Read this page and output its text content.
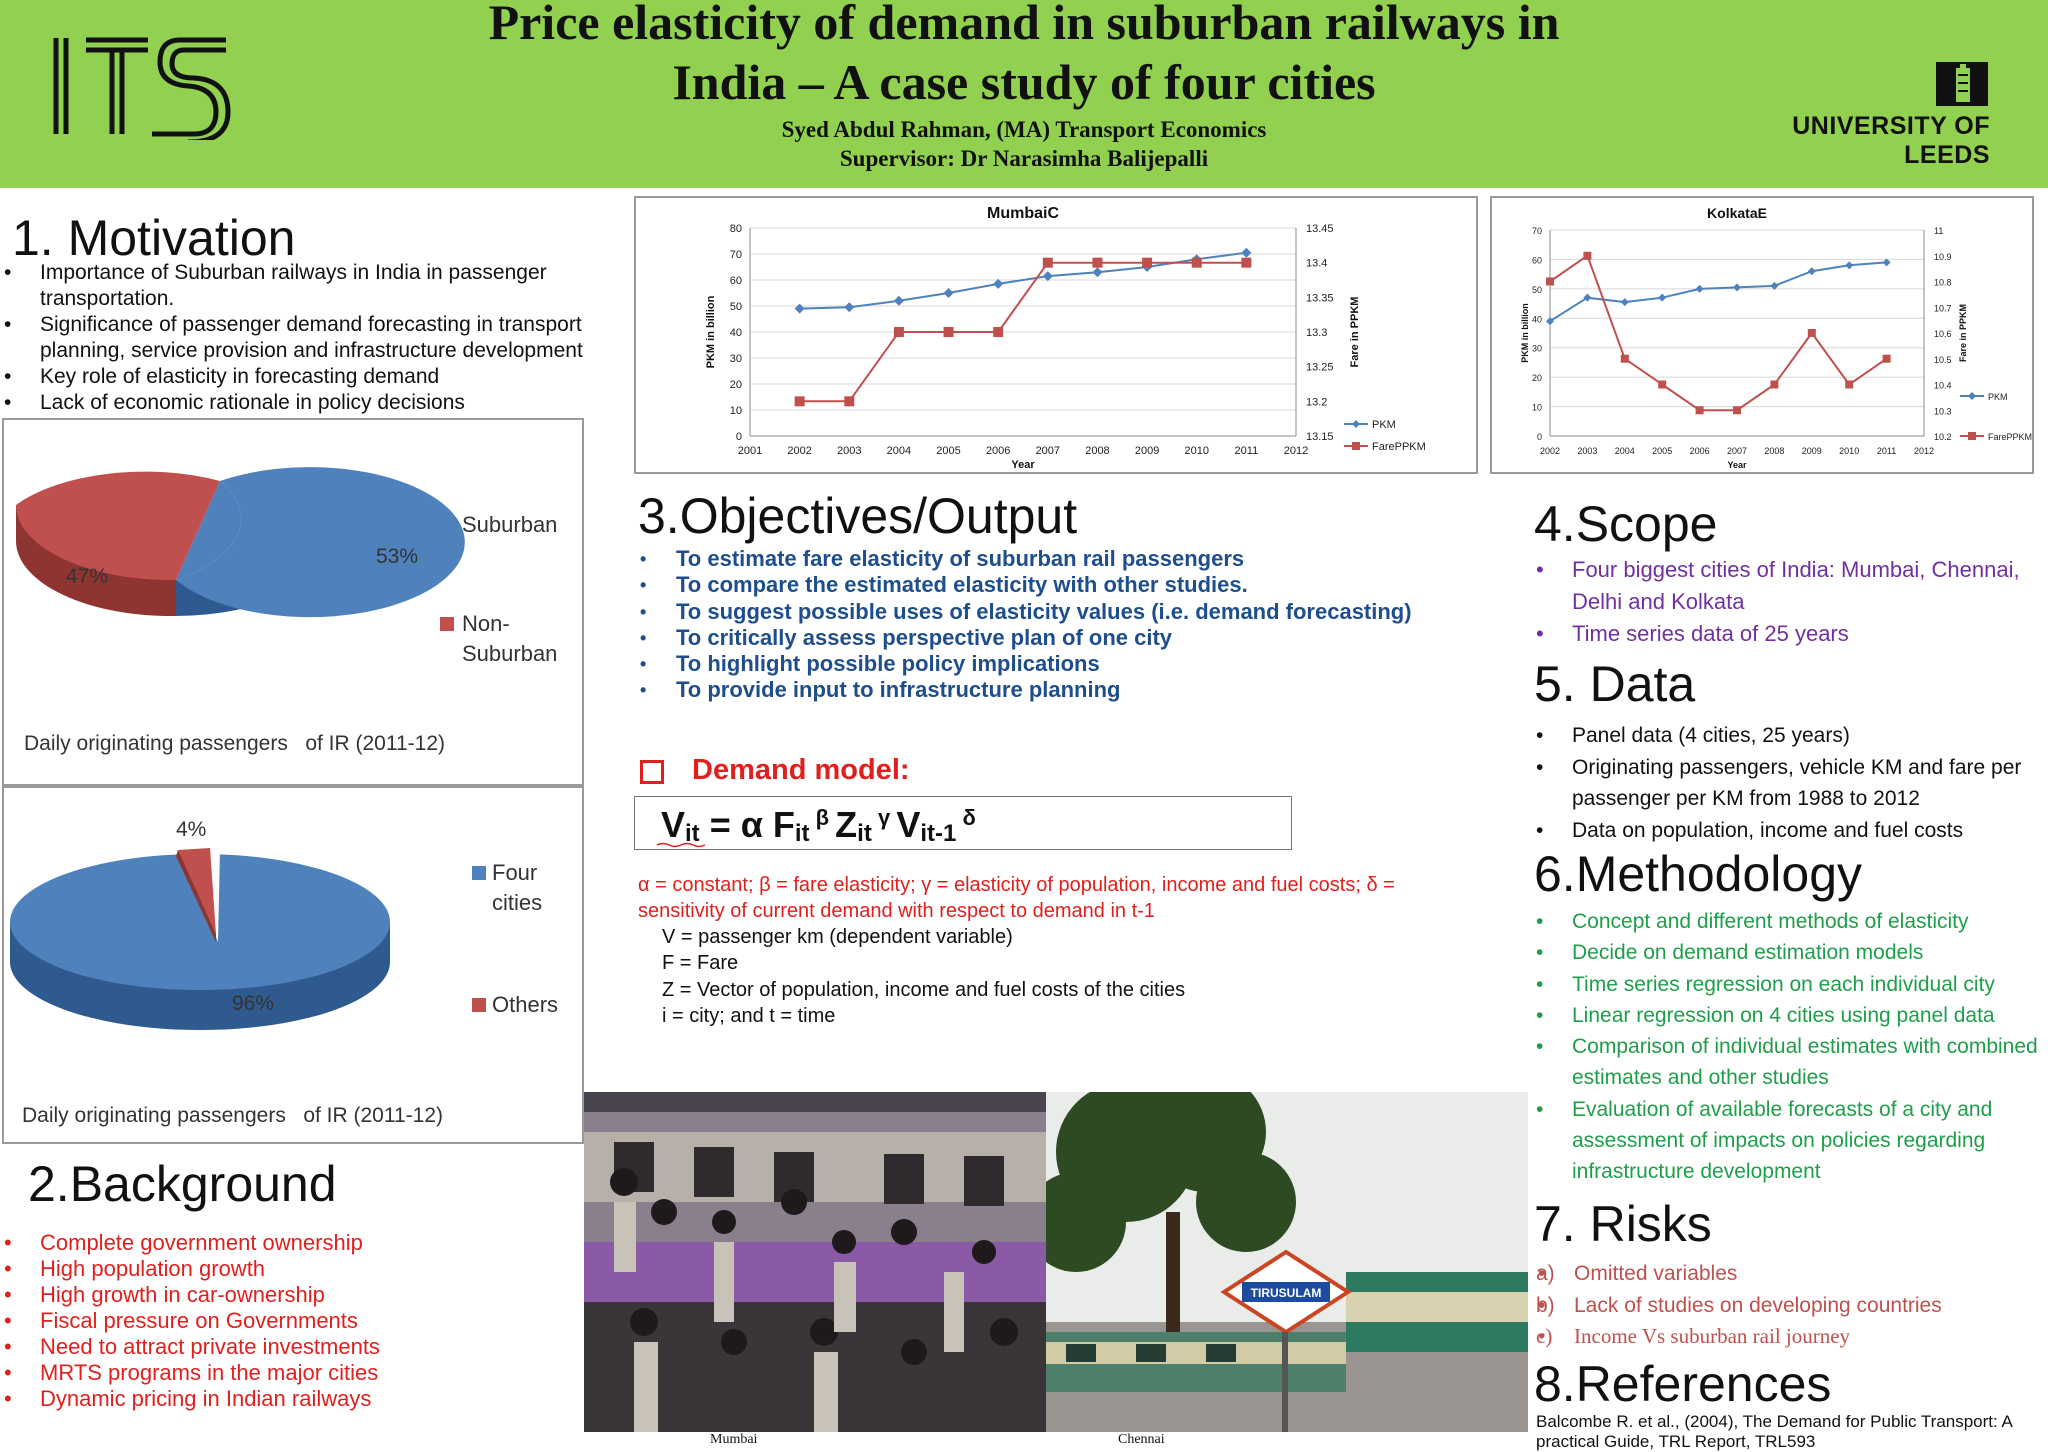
Price elasticity of demand in suburban railways in
India – A case study of four cities
Syed Abdul Rahman, (MA) Transport Economics
Supervisor: Dr Narasimha Balijepalli
UNIVERSITY OF LEEDS
1. Motivation
• Importance of Suburban railways in India in passenger transportation.
• Significance of passenger demand forecasting in transport planning, service provision and infrastructure development
• Key role of elasticity in forecasting demand
• Lack of economic rationale in policy decisions
53%
47%
Suburban
Non-
Suburban
Daily originating passengers   of IR (2011-12)
4%
96%
Four
cities
Others
Daily originating passengers   of IR (2011-12)
2.Background
• Complete government ownership
• High population growth
• High growth in car-ownership
• Fiscal pressure on Governments
• Need to attract private investments
• MRTS programs in the major cities
• Dynamic pricing in Indian railways
MumbaiC
0
10
20
30
40
50
60
70
80
13.15
13.2
13.25
13.3
13.35
13.4
13.45
2001 2002 2003 2004 2005 2006 2007 2008 2009 2010 2011 2012
Year
PKM in billion	Fare in PPKM
PKM
FarePPKM
KolkataE
0
10
20
30
40
50
60
70
10.2
10.3
10.4
10.5
10.6
10.7
10.8
10.9
11
2002 2003 2004 2005 2006 2007 2008 2009 2010 2011 2012
Year
PKM in billion	Fare in PPKM
PKM
FarePPKM
3.Objectives/Output
• To estimate fare elasticity of suburban rail passengers
• To compare the estimated elasticity with other studies.
• To suggest possible uses of elasticity values (i.e. demand forecasting)
• To critically assess perspective plan of one city
• To highlight possible policy implications
• To provide input to infrastructure planning
Demand model:
Vit = α Fit $^\beta$ Zit $^\gamma$ Vit-1 $^\delta$
α = constant; β = fare elasticity; γ = elasticity of population, income and fuel costs; δ =
sensitivity of current demand with respect to demand in t-1
V = passenger km (dependent variable)
F = Fare
Z = Vector of population, income and fuel costs of the cities
i = city; and t = time
TIRUSULAM
Mumbai	Chennai
4.Scope
• Four biggest cities of India: Mumbai, Chennai, Delhi and Kolkata
• Time series data of 25 years
5. Data
• Panel data (4 cities, 25 years)
• Originating passengers, vehicle KM and fare per passenger per KM from 1988 to 2012
• Data on population, income and fuel costs
6.Methodology
• Concept and different methods of elasticity
• Decide on demand estimation models
• Time series regression on each individual city
• Linear regression on 4 cities using panel data
• Comparison of individual estimates with combined estimates and other studies
• Evaluation of available forecasts of a city and assessment of impacts on policies regarding infrastructure development
7. Risks
• a) Omitted variables
• b) Lack of studies on developing countries
• c) Income Vs suburban rail journey
8.References
Balcombe R. et al., (2004), The Demand for Public Transport: A
practical Guide, TRL Report, TRL593
